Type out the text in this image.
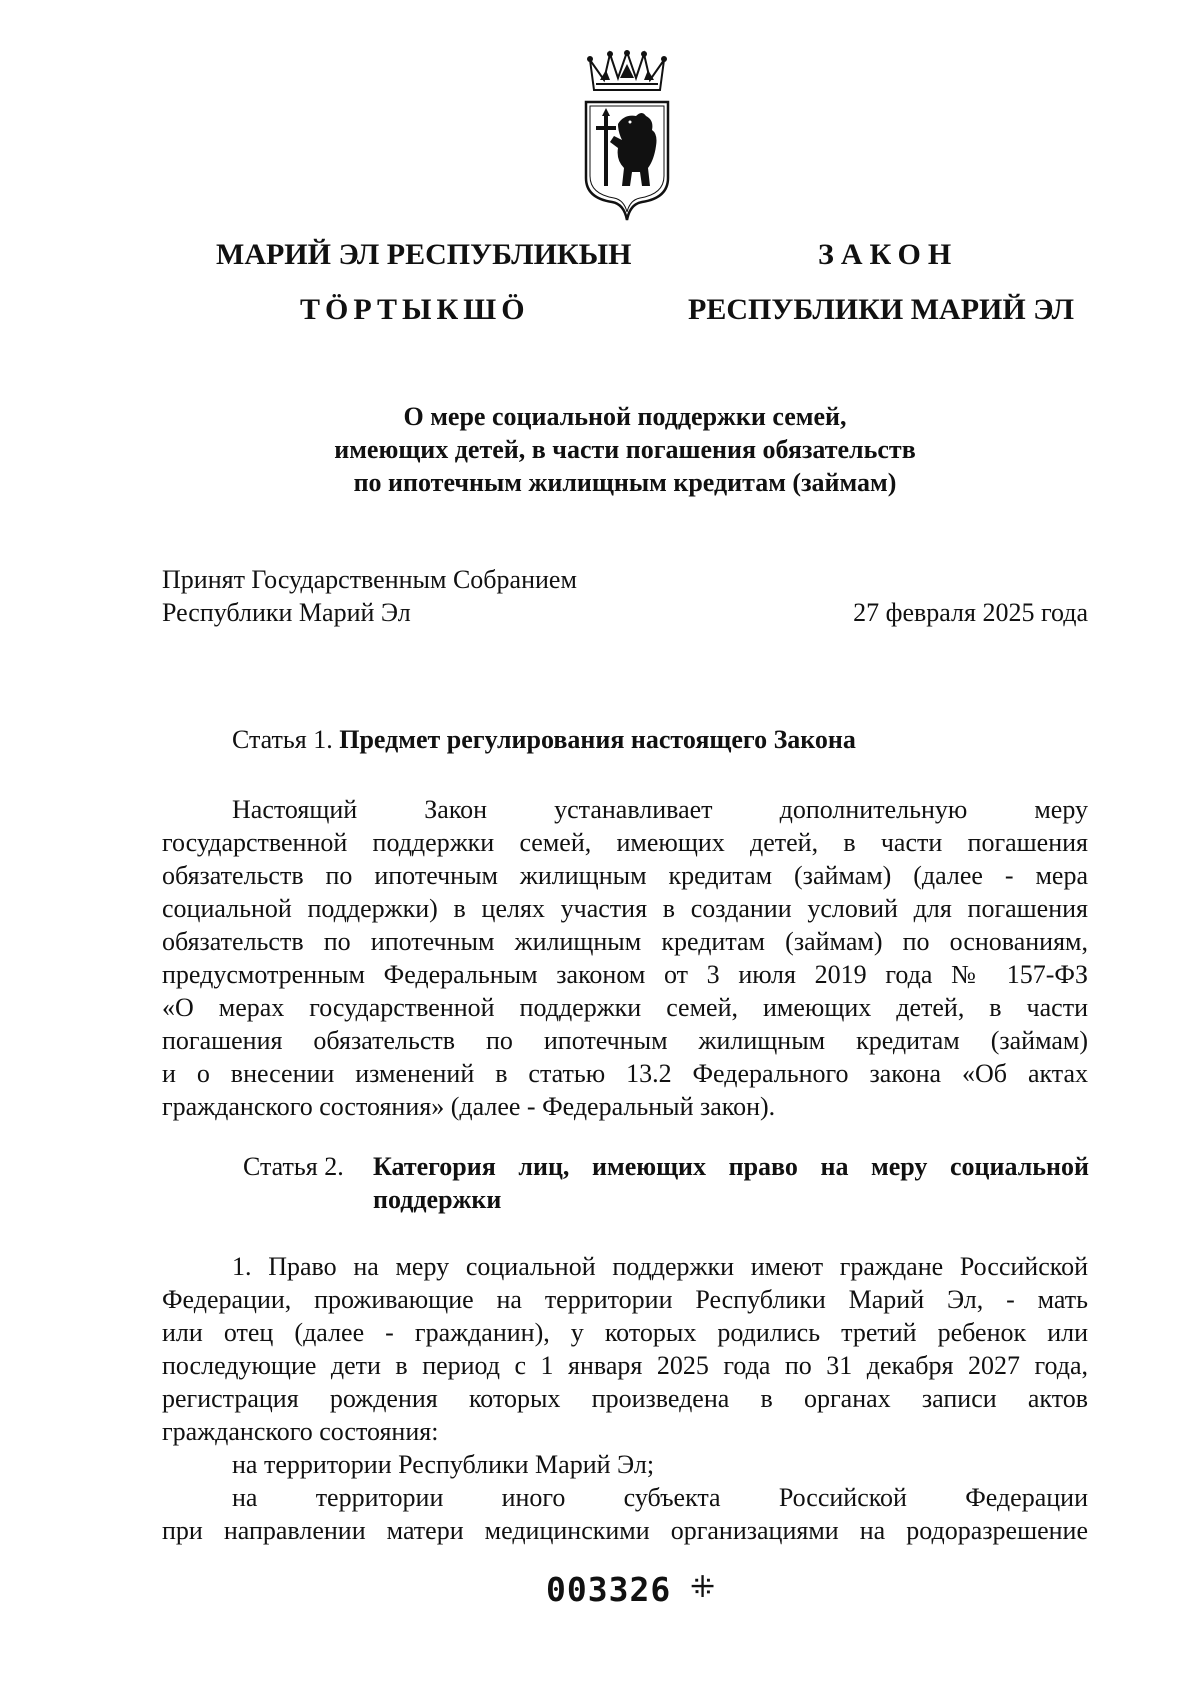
МАРИЙ ЭЛ РЕСПУБЛИКЫН
ТӦРТЫКШӦ
ЗАКОН
РЕСПУБЛИКИ МАРИЙ ЭЛ
О мере социальной поддержки семей,
имеющих детей, в части погашения обязательств
по ипотечным жилищным кредитам (займам)
Принят Государственным Собранием
Республики Марий Эл	27 февраля 2025 года
Статья 1. Предмет регулирования настоящего Закона
Настоящий Закон устанавливает дополнительную меру
государственной поддержки семей, имеющих детей, в части погашения
обязательств по ипотечным жилищным кредитам (займам) (далее - мера
социальной поддержки) в целях участия в создании условий для погашения
обязательств по ипотечным жилищным кредитам (займам) по основаниям,
предусмотренным Федеральным законом от 3 июля 2019 года № 157-ФЗ
«О мерах государственной поддержки семей, имеющих детей, в части
погашения обязательств по ипотечным жилищным кредитам (займам)
и о внесении изменений в статью 13.2 Федерального закона «Об актах
гражданского состояния» (далее - Федеральный закон).
Статья 2. Категория лиц, имеющих право на меру социальной
поддержки
1. Право на меру социальной поддержки имеют граждане Российской
Федерации, проживающие на территории Республики Марий Эл, - мать
или отец (далее - гражданин), у которых родились третий ребенок или
последующие дети в период с 1 января 2025 года по 31 декабря 2027 года,
регистрация рождения которых произведена в органах записи актов
гражданского состояния:
на территории Республики Марий Эл;
на территории иного субъекта Российской Федерации
при направлении матери медицинскими организациями на родоразрешение
003326 ⁜
